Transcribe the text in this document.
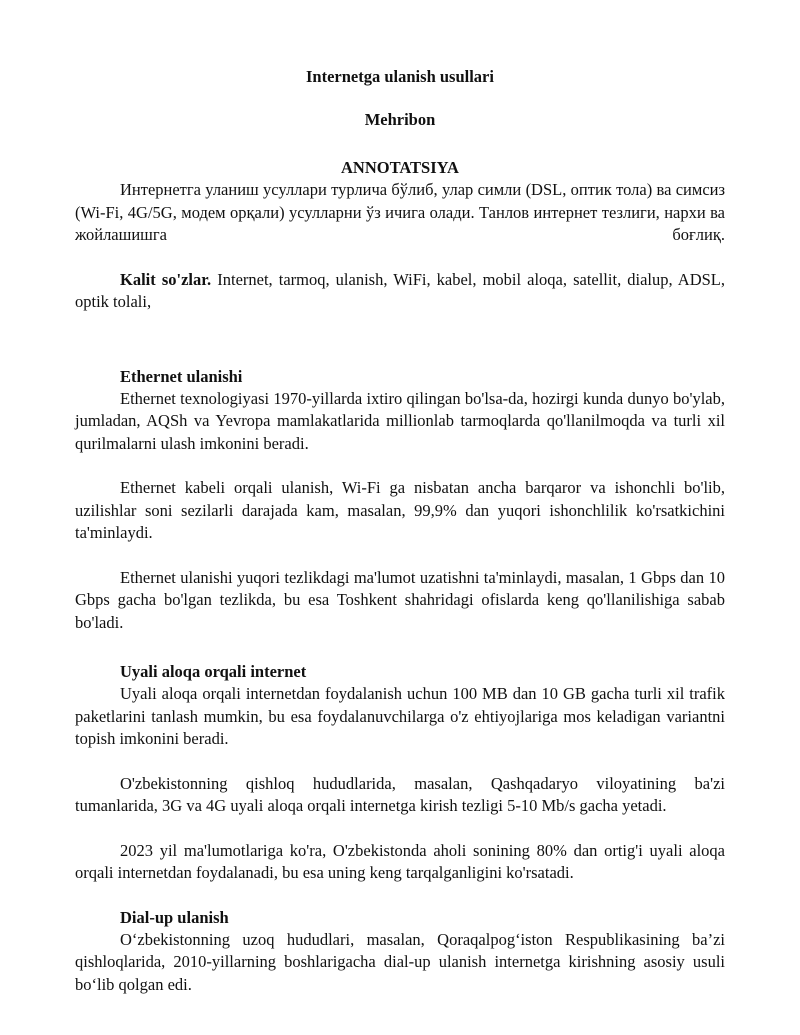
Internetga ulanish usullari

Mehribon

ANNOTATSIYA

Интернетга уланиш усуллари турлича бўлиб, улар симли (DSL, оптик тола) ва симсиз (Wi-Fi, 4G/5G, модем орқали) усулларни ўз ичига олади. Танлов интернет тезлиги, нархи ва жойлашишга боғлиқ.

Kalit so'zlar. Internet, tarmoq, ulanish, WiFi, kabel, mobil aloqa, satellit, dialup, ADSL, optik tolali,

Ethernet ulanishi

Ethernet texnologiyasi 1970-yillarda ixtiro qilingan bo'lsa-da, hozirgi kunda dunyo bo'ylab, jumladan, AQSh va Yevropa mamlakatlarida millionlab tarmoqlarda qo'llanilmoqda va turli xil qurilmalarni ulash imkonini beradi.

Ethernet kabeli orqali ulanish, Wi-Fi ga nisbatan ancha barqaror va ishonchli bo'lib, uzilishlar soni sezilarli darajada kam, masalan, 99,9% dan yuqori ishonchlilik ko'rsatkichini ta'minlaydi.

Ethernet ulanishi yuqori tezlikdagi ma'lumot uzatishni ta'minlaydi, masalan, 1 Gbps dan 10 Gbps gacha bo'lgan tezlikda, bu esa Toshkent shahridagi ofislarda keng qo'llanilishiga sabab bo'ladi.

Uyali aloqa orqali internet

Uyali aloqa orqali internetdan foydalanish uchun 100 MB dan 10 GB gacha turli xil trafik paketlarini tanlash mumkin, bu esa foydalanuvchilarga o'z ehtiyojlariga mos keladigan variantni topish imkonini beradi.

O'zbekistonning qishloq hududlarida, masalan, Qashqadaryo viloyatining ba'zi tumanlarida, 3G va 4G uyali aloqa orqali internetga kirish tezligi 5-10 Mb/s gacha yetadi.

2023 yil ma'lumotlariga ko'ra, O'zbekistonda aholi sonining 80% dan ortig'i uyali aloqa orqali internetdan foydalanadi, bu esa uning keng tarqalganligini ko'rsatadi.

Dial-up ulanish

O‘zbekistonning uzoq hudud​lari, masalan, Qoraqalpog‘iston Respublikasining ba’zi qishloqlarida, 2010-yillarning boshlarigacha dial-up ulanish internetga kirishning asosiy usuli bo‘lib qolgan edi.
